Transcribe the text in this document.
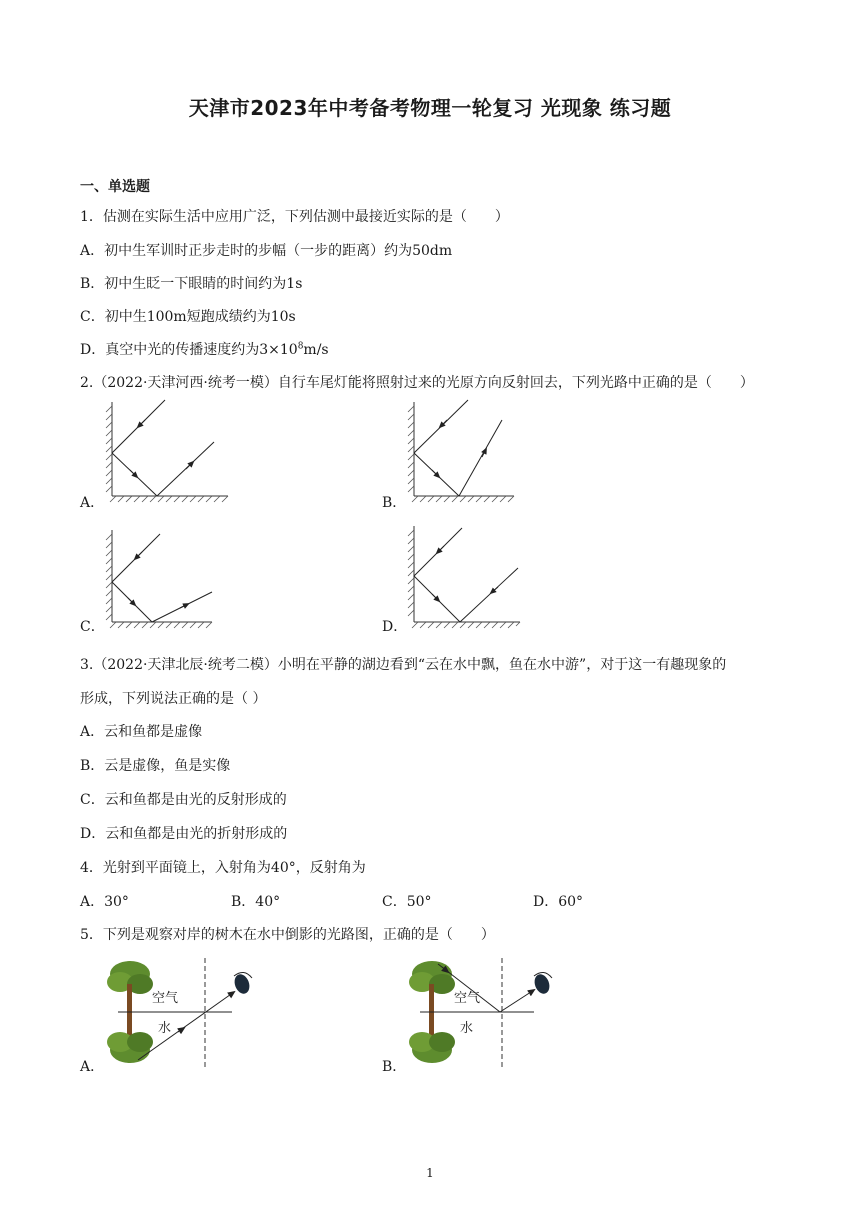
天津市2023年中考备考物理一轮复习 光现象 练习题
一、单选题
1．估测在实际生活中应用广泛，下列估测中最接近实际的是（　　）
A．初中生军训时正步走时的步幅（一步的距离）约为50dm
B．初中生眨一下眼睛的时间约为1s
C．初中生100m短跑成绩约为10s
D．真空中光的传播速度约为$3\times 10^8m/s$
2.（2022·天津河西·统考一模）自行车尾灯能将照射过来的光原方向反射回去，下列光路中正确的是（　　）
A．	B．
C．	D．
3.（2022·天津北辰·统考二模）小明在平静的湖边看到“云在水中飘，鱼在水中游”，对于这一有趣现象的
形成，下列说法正确的是（ ）
A．云和鱼都是虚像
B．云是虚像，鱼是实像
C．云和鱼都是由光的反射形成的
D．云和鱼都是由光的折射形成的
4．光射到平面镜上，入射角为40°，反射角为
A．30°	B．40°	C．50°	D．60°
5．下列是观察对岸的树木在水中倒影的光路图，正确的是（　　）
A．
空气
水
B．
空气
水
1
